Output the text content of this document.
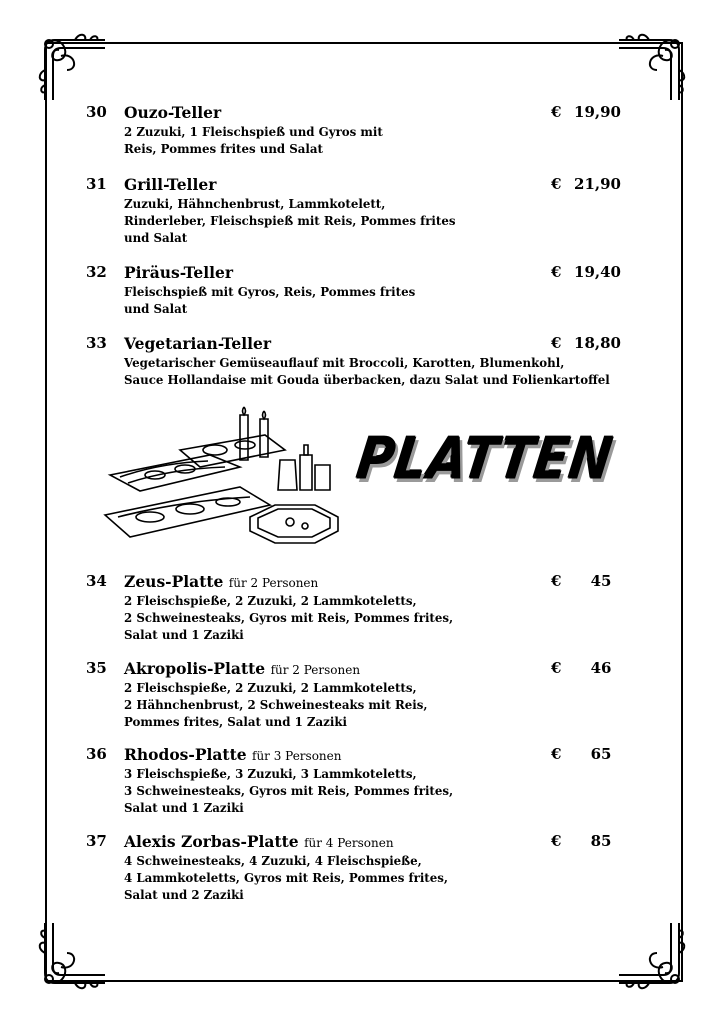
30 Ouzo-Teller	€ 19,90
2 Zuzuki, 1 Fleischspieß und Gyros mit
Reis, Pommes frites und Salat
31 Grill-Teller	€ 21,90
Zuzuki, Hähnchenbrust, Lammkotelett,
Rinderleber, Fleischspieß mit Reis, Pommes frites
und Salat
32 Piräus-Teller	€ 19,40
Fleischspieß mit Gyros, Reis, Pommes frites
und Salat
33 Vegetarian-Teller	€ 18,80
Vegetarischer Gemüseauflauf mit Broccoli, Karotten, Blumenkohl,
Sauce Hollandaise mit Gouda überbacken, dazu Salat und Folienkartoffel
PLATTEN
34 Zeus-Platte für 2 Personen	€	45
2 Fleischspieße, 2 Zuzuki, 2 Lammkoteletts,
2 Schweinesteaks, Gyros mit Reis, Pommes frites,
Salat und 1 Zaziki
35 Akropolis-Platte für 2 Personen	€	46
2 Fleischspieße, 2 Zuzuki, 2 Lammkoteletts,
2 Hähnchenbrust, 2 Schweinesteaks mit Reis,
Pommes frites, Salat und 1 Zaziki
36 Rhodos-Platte für 3 Personen	€	65
3 Fleischspieße, 3 Zuzuki, 3 Lammkoteletts,
3 Schweinesteaks, Gyros mit Reis, Pommes frites,
Salat und 1 Zaziki
37 Alexis Zorbas-Platte für 4 Personen	€	85
4 Schweinesteaks, 4 Zuzuki, 4 Fleischspieße,
4 Lammkoteletts, Gyros mit Reis, Pommes frites,
Salat und 2 Zaziki
